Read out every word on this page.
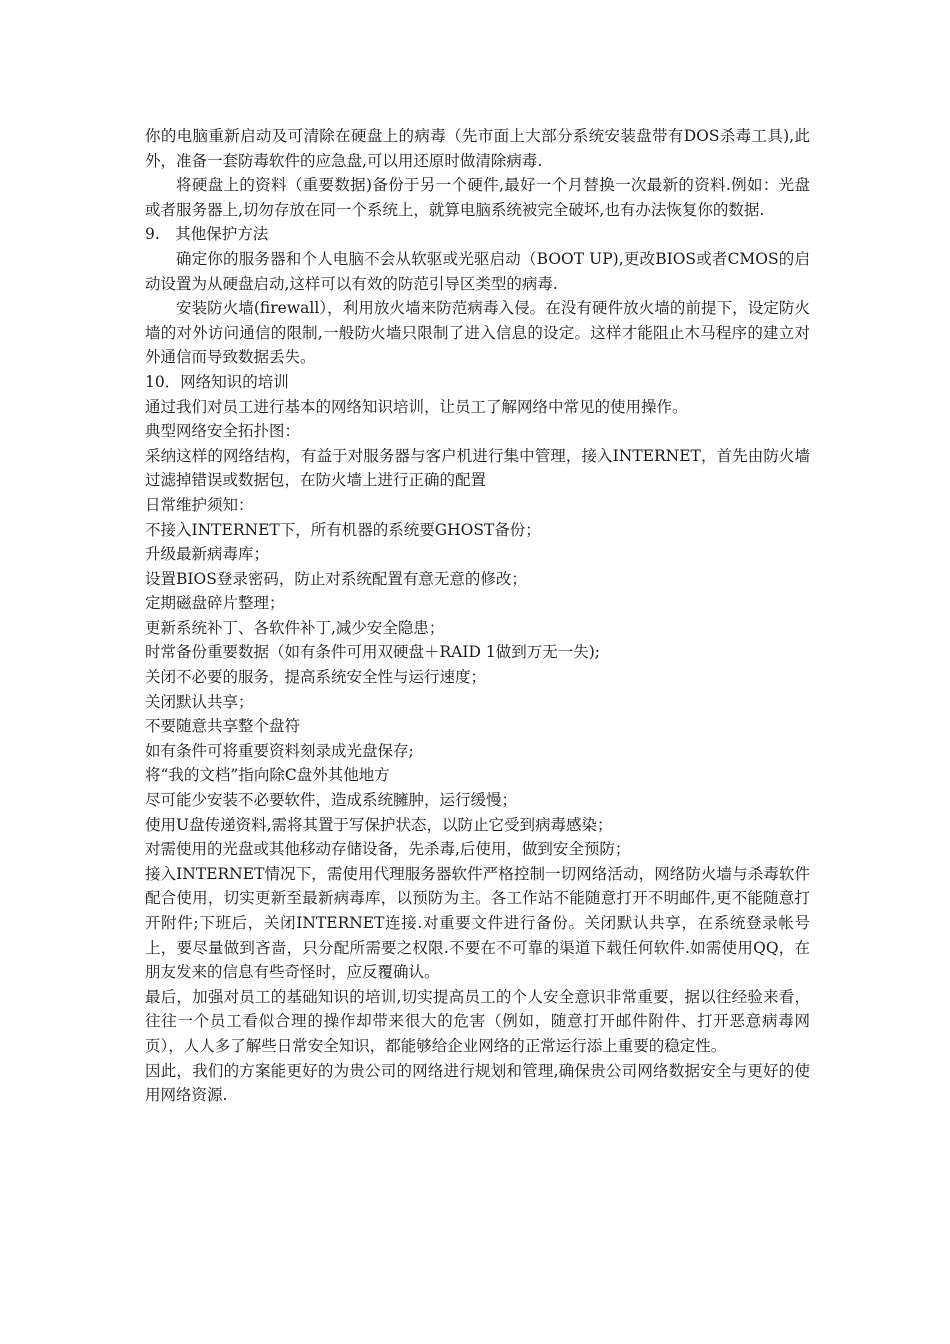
你的电脑重新启动及可清除在硬盘上的病毒（先市面上大部分系统安装盘带有DOS杀毒工具),此外，准备一套防毒软件的应急盘,可以用还原时做清除病毒.

将硬盘上的资料（重要数据)备份于另一个硬件,最好一个月替换一次最新的资料.例如：光盘或者服务器上,切勿存放在同一个系统上，就算电脑系统被完全破坏,也有办法恢复你的数据.

9.　其他保护方法

确定你的服务器和个人电脑不会从软驱或光驱启动（BOOT UP),更改BIOS或者CMOS的启动设置为从硬盘启动,这样可以有效的防范引导区类型的病毒.

安装防火墙(firewall），利用放火墙来防范病毒入侵。在没有硬件放火墙的前提下，设定防火墙的对外访问通信的限制,一般防火墙只限制了进入信息的设定。这样才能阻止木马程序的建立对外通信而导致数据丢失。

10．网络知识的培训

通过我们对员工进行基本的网络知识培训，让员工了解网络中常见的使用操作。

典型网络安全拓扑图：

采纳这样的网络结构，有益于对服务器与客户机进行集中管理，接入INTERNET，首先由防火墙过滤掉错误或数据包，在防火墙上进行正确的配置

日常维护须知：

不接入INTERNET下，所有机器的系统要GHOST备份；

升级最新病毒库；

设置BIOS登录密码，防止对系统配置有意无意的修改；

定期磁盘碎片整理；

更新系统补丁、各软件补丁,减少安全隐患；

时常备份重要数据（如有条件可用双硬盘＋RAID 1做到万无一失);

关闭不必要的服务，提高系统安全性与运行速度；

关闭默认共享；

不要随意共享整个盘符

如有条件可将重要资料刻录成光盘保存;

将“我的文档”指向除C盘外其他地方

尽可能少安装不必要软件，造成系统臃肿，运行缓慢；

使用U盘传递资料,需将其置于写保护状态，以防止它受到病毒感染；

对需使用的光盘或其他移动存储设备，先杀毒,后使用，做到安全预防；

接入INTERNET情况下，需使用代理服务器软件严格控制一切网络活动，网络防火墙与杀毒软件配合使用，切实更新至最新病毒库，以预防为主。各工作站不能随意打开不明邮件,更不能随意打开附件;下班后，关闭INTERNET连接.对重要文件进行备份。关闭默认共享，在系统登录帐号上，要尽量做到吝啬，只分配所需要之权限.不要在不可靠的渠道下载任何软件.如需使用QQ，在朋友发来的信息有些奇怪时，应反覆确认。

最后，加强对员工的基础知识的培训,切实提高员工的个人安全意识非常重要，据以往经验来看，往往一个员工看似合理的操作却带来很大的危害（例如，随意打开邮件附件、打开恶意病毒网页），人人多了解些日常安全知识，都能够给企业网络的正常运行添上重要的稳定性。

因此，我们的方案能更好的为贵公司的网络进行规划和管理,确保贵公司网络数据安全与更好的使用网络资源.
